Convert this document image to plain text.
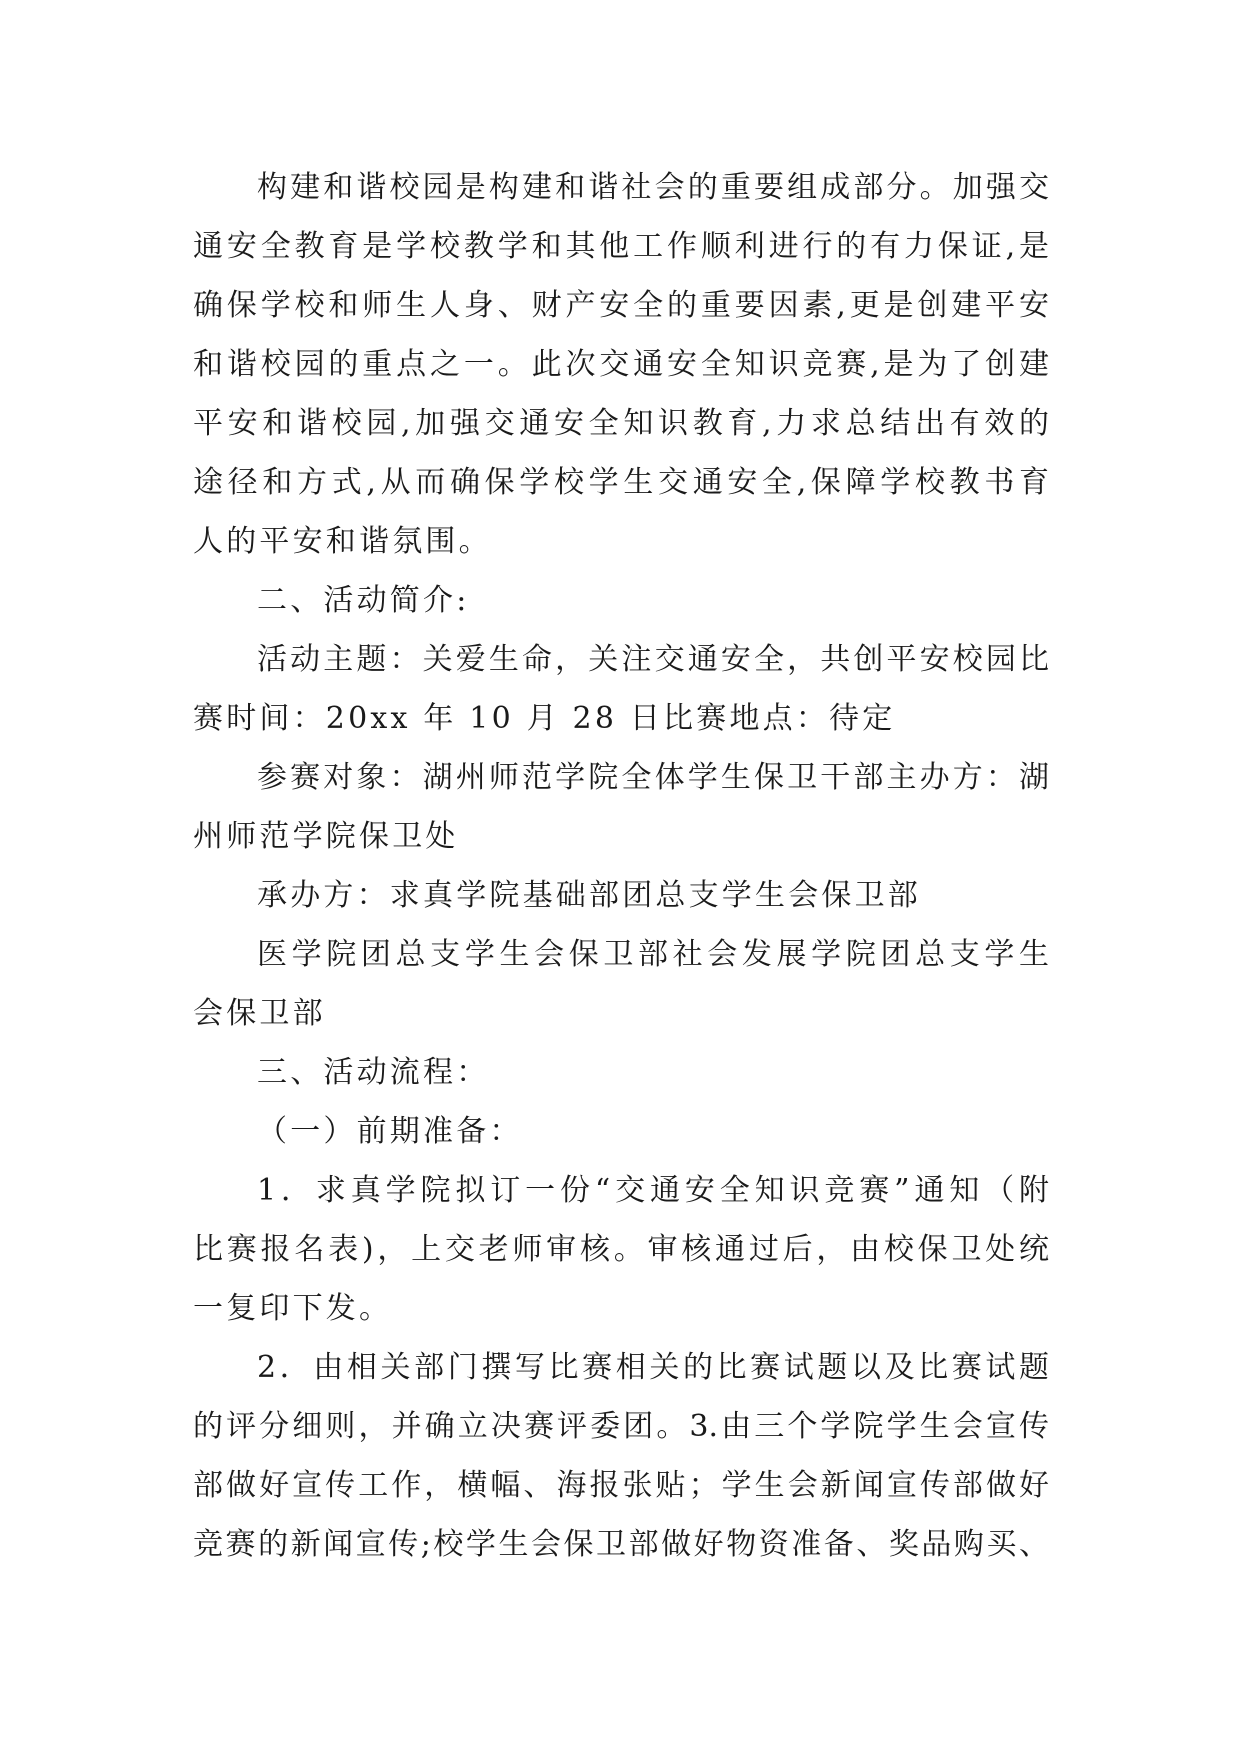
构建和谐校园是构建和谐社会的重要组成部分。加强交
通安全教育是学校教学和其他工作顺利进行的有力保证,是
确保学校和师生人身、财产安全的重要因素,更是创建平安
和谐校园的重点之一。此次交通安全知识竞赛,是为了创建
平安和谐校园,加强交通安全知识教育,力求总结出有效的
途径和方式,从而确保学校学生交通安全,保障学校教书育
人的平安和谐氛围。
二、活动简介:
活动主题：关爱生命，关注交通安全，共创平安校园比
赛时间：20xx 年 10 月 28 日比赛地点：待定
参赛对象：湖州师范学院全体学生保卫干部主办方：湖
州师范学院保卫处
承办方：求真学院基础部团总支学生会保卫部
医学院团总支学生会保卫部社会发展学院团总支学生
会保卫部
三、活动流程：
（一）前期准备：
1．求真学院拟订一份“交通安全知识竞赛”通知（附
比赛报名表)，上交老师审核。审核通过后，由校保卫处统
一复印下发。
2．由相关部门撰写比赛相关的比赛试题以及比赛试题
的评分细则，并确立决赛评委团。3.由三个学院学生会宣传
部做好宣传工作，横幅、海报张贴；学生会新闻宣传部做好
竞赛的新闻宣传;校学生会保卫部做好物资准备、奖品购买、
